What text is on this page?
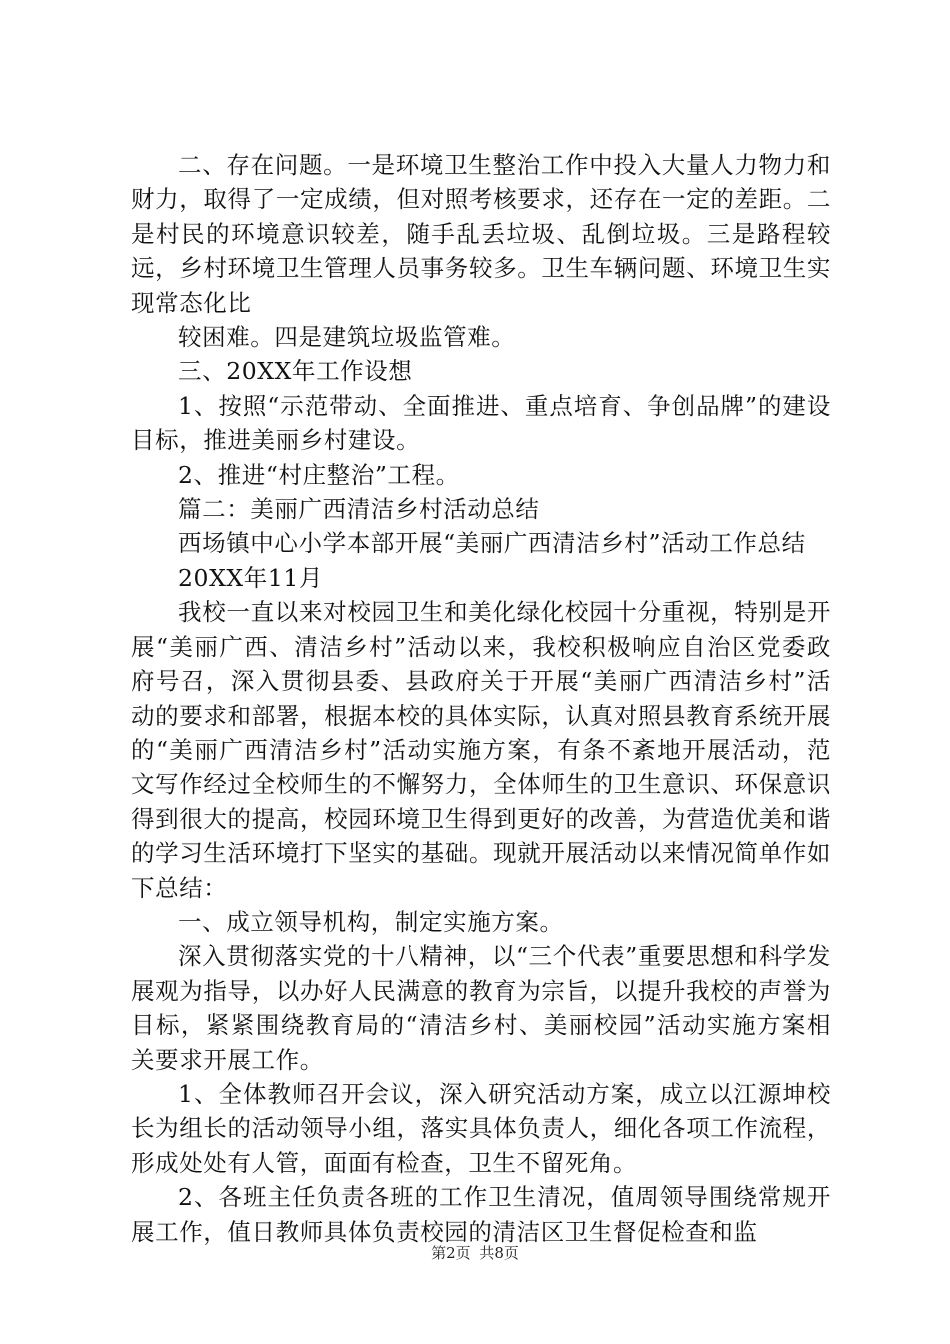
二、存在问题。一是环境卫生整治工作中投入大量人力物力和财力，取得了一定成绩，但对照考核要求，还存在一定的差距。二是村民的环境意识较差，随手乱丢垃圾、乱倒垃圾。三是路程较远，乡村环境卫生管理人员事务较多。卫生车辆问题、环境卫生实现常态化比

较困难。四是建筑垃圾监管难。

三、20XX年工作设想

1、按照“示范带动、全面推进、重点培育、争创品牌”的建设目标，推进美丽乡村建设。

2、推进“村庄整治”工程。

篇二：美丽广西清洁乡村活动总结

西场镇中心小学本部开展“美丽广西清洁乡村”活动工作总结

20XX年11月

我校一直以来对校园卫生和美化绿化校园十分重视，特别是开展“美丽广西、清洁乡村”活动以来，我校积极响应自治区党委政府号召，深入贯彻县委、县政府关于开展“美丽广西清洁乡村”活动的要求和部署，根据本校的具体实际，认真对照县教育系统开展的“美丽广西清洁乡村”活动实施方案，有条不紊地开展活动，范文写作经过全校师生的不懈努力，全体师生的卫生意识、环保意识得到很大的提高，校园环境卫生得到更好的改善，为营造优美和谐的学习生活环境打下坚实的基础。现就开展活动以来情况简单作如下总结：

一、成立领导机构，制定实施方案。

深入贯彻落实党的十八精神，以“三个代表”重要思想和科学发展观为指导，以办好人民满意的教育为宗旨，以提升我校的声誉为目标，紧紧围绕教育局的“清洁乡村、美丽校园”活动实施方案相关要求开展工作。

1、全体教师召开会议，深入研究活动方案，成立以江源坤校长为组长的活动领导小组，落实具体负责人，细化各项工作流程，形成处处有人管，面面有检查，卫生不留死角。

2、各班主任负责各班的工作卫生清况，值周领导围绕常规开展工作，值日教师具体负责校园的清洁区卫生督促检查和监

第2页 共8页
